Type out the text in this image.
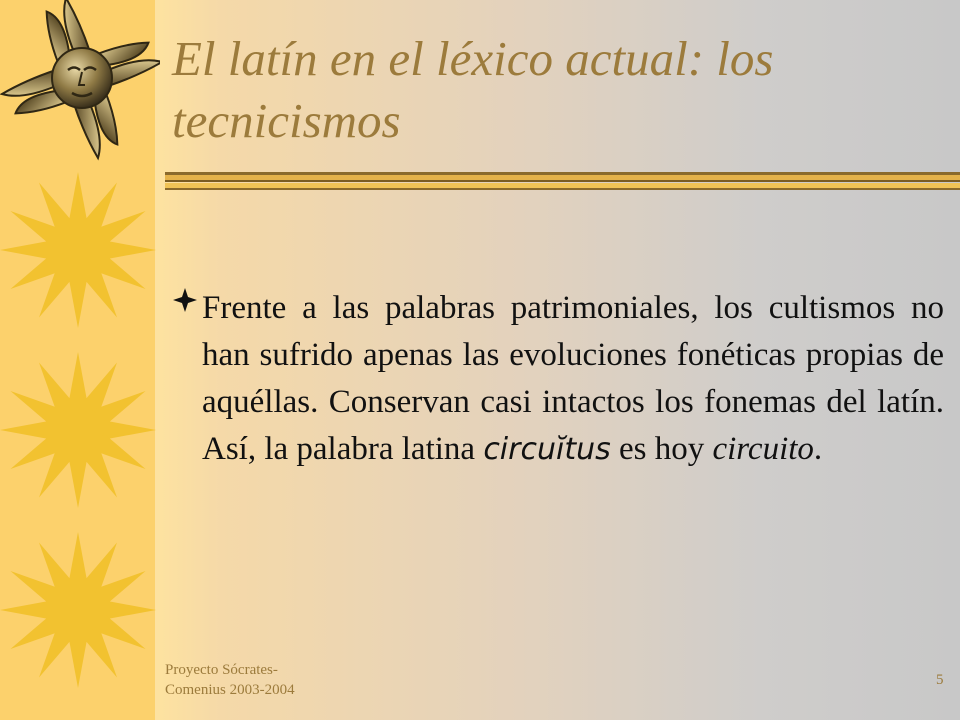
El latín en el léxico actual: los tecnicismos

Frente a las palabras patrimoniales, los cultismos no han sufrido apenas las evoluciones fonéticas propias de aquéllas. Conservan casi intactos los fonemas del latín. Así, la palabra latina circuĭtus es hoy circuito.

Proyecto Sócrates-
Comenius 2003-2004
5
